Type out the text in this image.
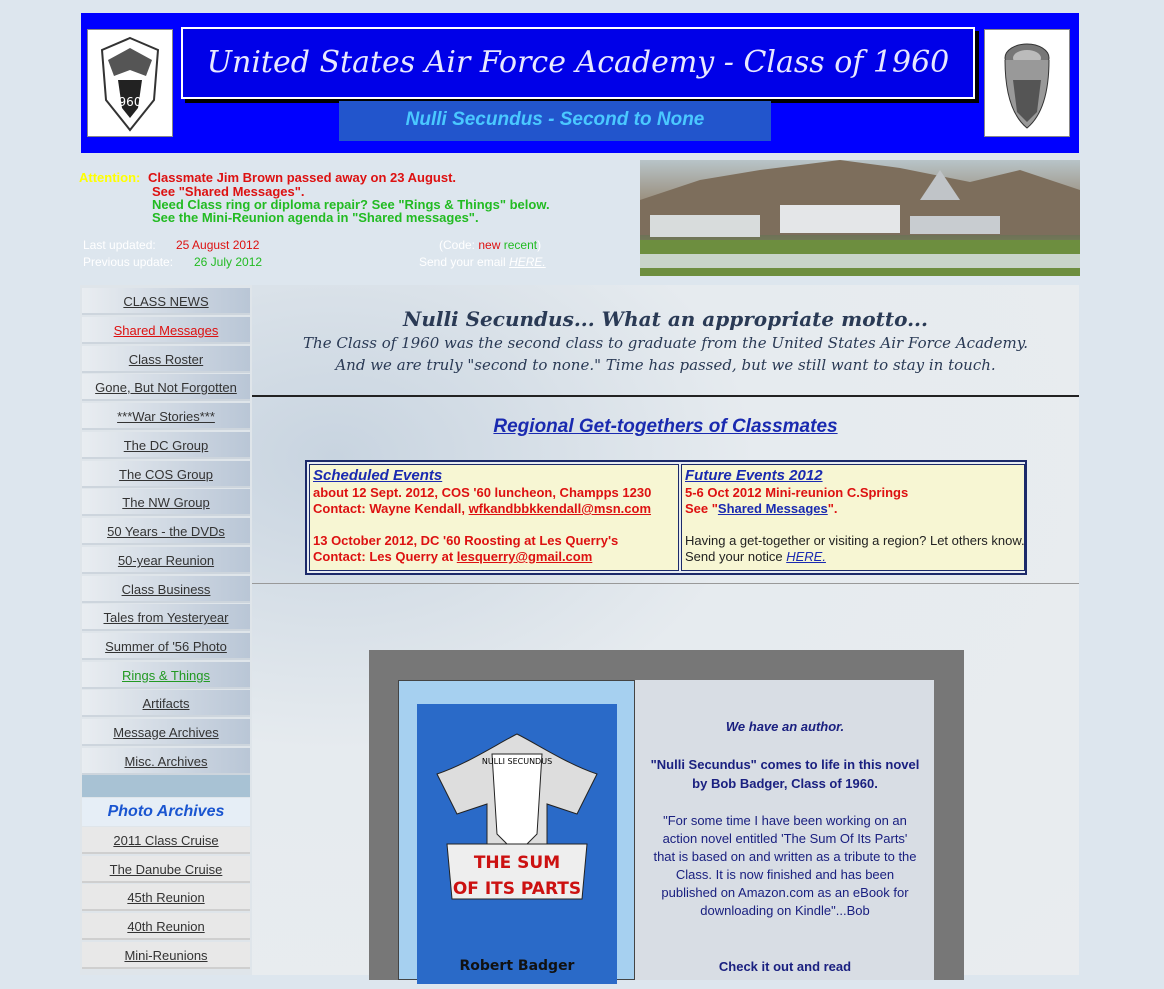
960
United States Air Force Academy - Class of 1960
Nulli Secundus - Second to None
Attention: Classmate Jim Brown passed away on 23 August.
See "Shared Messages".
Need Class ring or diploma repair? See "Rings & Things" below.
See the Mini-Reunion agenda in "Shared messages".
Last updated: 25 August 2012
Previous update: 26 July 2012
(Code: new recent)
Send your email HERE.
CLASS NEWS
Shared Messages
Class Roster
Gone, But Not Forgotten
***War Stories***
The DC Group
The COS Group
The NW Group
50 Years - the DVDs
50-year Reunion
Class Business
Tales from Yesteryear
Summer of '56 Photo
Rings & Things
Artifacts
Message Archives
Misc. Archives
Photo Archives
2011 Class Cruise
The Danube Cruise
45th Reunion
40th Reunion
Mini-Reunions
Nulli Secundus... What an appropriate motto...
The Class of 1960 was the second class to graduate from the United States Air Force Academy.
And we are truly "second to none." Time has passed, but we still want to stay in touch.
Regional Get-togethers of Classmates
Scheduled Events
about 12 Sept. 2012, COS '60 luncheon, Champps 1230
Contact: Wayne Kendall, wfkandbbkkendall@msn.com
13 October 2012, DC '60 Roosting at Les Querry's
Contact: Les Querry at lesquerry@gmail.com
Future Events 2012
5-6 Oct 2012 Mini-reunion C.Springs
See "Shared Messages".
Having a get-together or visiting a region? Let others know.
Send your notice HERE.
NULLI SECUNDUS
THE SUM
OF ITS PARTS
Robert Badger
We have an author.
"Nulli Secundus" comes to life in this novel
by Bob Badger, Class of 1960.
"For some time I have been working on an
action novel entitled 'The Sum Of Its Parts'
that is based on and written as a tribute to the
Class. It is now finished and has been
published on Amazon.com as an eBook for
downloading on Kindle"...Bob
Check it out and read
